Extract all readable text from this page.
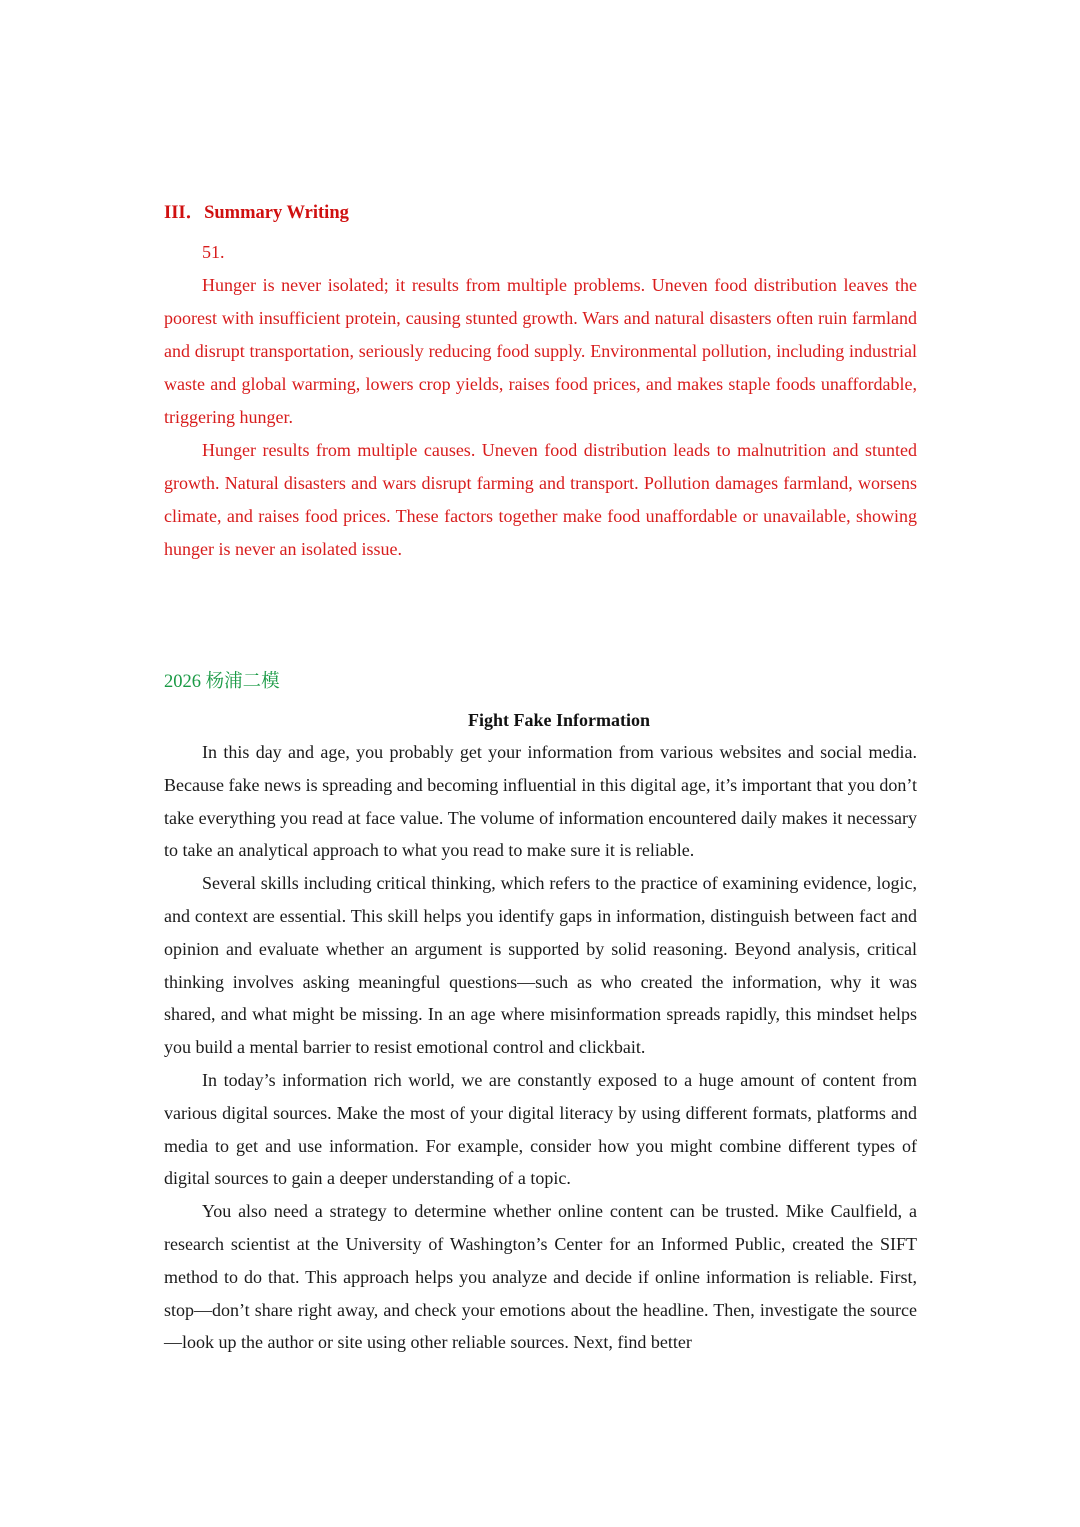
III．Summary Writing
51.

Hunger is never isolated; it results from multiple problems. Uneven food distribution leaves the poorest with insufficient protein, causing stunted growth. Wars and natural disasters often ruin farmland and disrupt transportation, seriously reducing food supply. Environmental pollution, including industrial waste and global warming, lowers crop yields, raises food prices, and makes staple foods unaffordable, triggering hunger.

Hunger results from multiple causes. Uneven food distribution leads to malnutrition and stunted growth. Natural disasters and wars disrupt farming and transport. Pollution damages farmland, worsens climate, and raises food prices. These factors together make food unaffordable or unavailable, showing hunger is never an isolated issue.

2026 杨浦二模
Fight Fake Information

In this day and age, you probably get your information from various websites and social media. Because fake news is spreading and becoming influential in this digital age, it’s important that you don’t take everything you read at face value. The volume of information encountered daily makes it necessary to take an analytical approach to what you read to make sure it is reliable.

Several skills including critical thinking, which refers to the practice of examining evidence, logic, and context are essential. This skill helps you identify gaps in information, distinguish between fact and opinion and evaluate whether an argument is supported by solid reasoning. Beyond analysis, critical thinking involves asking meaningful questions—such as who created the information, why it was shared, and what might be missing. In an age where misinformation spreads rapidly, this mindset helps you build a mental barrier to resist emotional control and clickbait.

In today’s information rich world, we are constantly exposed to a huge amount of content from various digital sources. Make the most of your digital literacy by using different formats, platforms and media to get and use information. For example, consider how you might combine different types of digital sources to gain a deeper understanding of a topic.

You also need a strategy to determine whether online content can be trusted. Mike Caulfield, a research scientist at the University of Washington’s Center for an Informed Public, created the SIFT method to do that. This approach helps you analyze and decide if online information is reliable. First, stop—don’t share right away, and check your emotions about the headline. Then, investigate the source—look up the author or site using other reliable sources. Next, find better
